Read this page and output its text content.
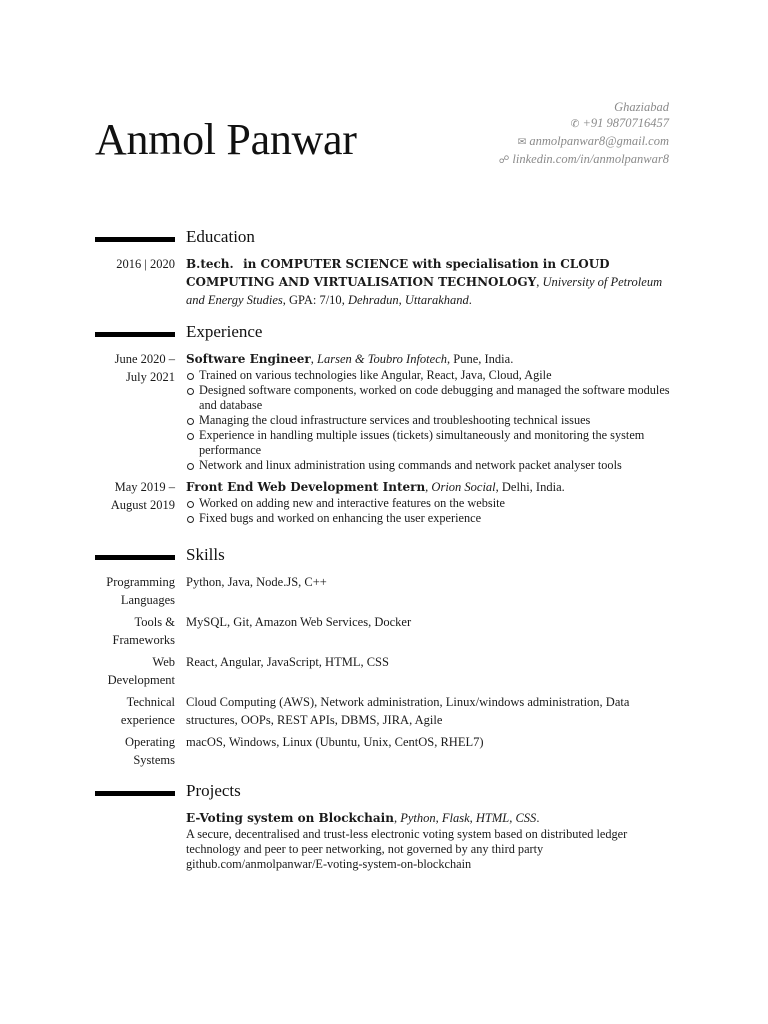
Anmol Panwar
Ghaziabad
✆ +91 9870716457
✉ anmolpanwar8@gmail.com
☍ linkedin.com/in/anmolpanwar8
Education
2016 | 2020 B.tech. in COMPUTER SCIENCE with specialisation in CLOUD COMPUTING AND VIRTUALISATION TECHNOLOGY, University of Petroleum and Energy Studies, GPA: 7/10, Dehradun, Uttarakhand.
Experience
June 2020 –
July 2021
Software Engineer, Larsen & Toubro Infotech, Pune, India.
Trained on various technologies like Angular, React, Java, Cloud, Agile
Designed software components, worked on code debugging and managed the software modules and database
Managing the cloud infrastructure services and troubleshooting technical issues
Experience in handling multiple issues (tickets) simultaneously and monitoring the system performance
Network and linux administration using commands and network packet analyser tools
May 2019 –
August 2019
Front End Web Development Intern, Orion Social, Delhi, India.
Worked on adding new and interactive features on the website
Fixed bugs and worked on enhancing the user experience
Skills
Programming
Languages
Python, Java, Node.JS, C++
Tools &
Frameworks
MySQL, Git, Amazon Web Services, Docker
Web
Development
React, Angular, JavaScript, HTML, CSS
Technical
experience
Cloud Computing (AWS), Network administration, Linux/windows administration, Data structures, OOPs, REST APIs, DBMS, JIRA, Agile
Operating
Systems
macOS, Windows, Linux (Ubuntu, Unix, CentOS, RHEL7)
Projects
E-Voting system on Blockchain, Python, Flask, HTML, CSS.
A secure, decentralised and trust-less electronic voting system based on distributed ledger technology and peer to peer networking, not governed by any third party
github.com/anmolpanwar/E-voting-system-on-blockchain
